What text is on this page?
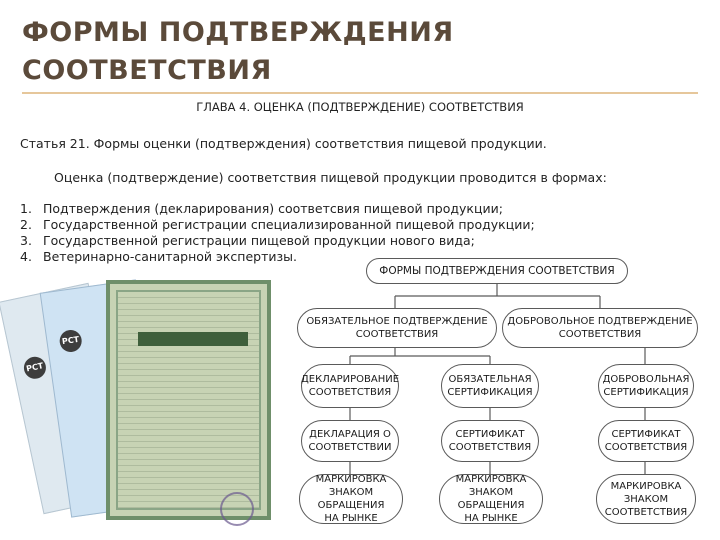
ФОРМЫ ПОДТВЕРЖДЕНИЯ СООТВЕТСТВИЯ
ГЛАВА 4. ОЦЕНКА (ПОДТВЕРЖДЕНИЕ) СООТВЕТСТВИЯ
Статья 21. Формы оценки (подтверждения) соответствия пищевой продукции.
Оценка (подтверждение) соответствия пищевой продукции проводится в формах:
1. Подтверждения (декларирования) соответсвия пищевой продукции;
2. Государственной регистрации специализированной пищевой продукции;
3. Государственной регистрации пищевой продукции нового вида;
4. Ветеринарно-санитарной экспертизы.
РСТ
РСТ
ФОРМЫ ПОДТВЕРЖДЕНИЯ СООТВЕТСТВИЯ
ОБЯЗАТЕЛЬНОЕ ПОДТВЕРЖДЕНИЕ
СООТВЕТСТВИЯ
ДОБРОВОЛЬНОЕ ПОДТВЕРЖДЕНИЕ
СООТВЕТСТВИЯ
ДЕКЛАРИРОВАНИЕ
СООТВЕТСТВИЯ
ОБЯЗАТЕЛЬНАЯ
СЕРТИФИКАЦИЯ
ДОБРОВОЛЬНАЯ
СЕРТИФИКАЦИЯ
ДЕКЛАРАЦИЯ О
СООТВЕТСТВИИ
СЕРТИФИКАТ
СООТВЕТСТВИЯ
СЕРТИФИКАТ
СООТВЕТСТВИЯ
МАРКИРОВКА
ЗНАКОМ ОБРАЩЕНИЯ
НА РЫНКЕ
МАРКИРОВКА
ЗНАКОМ ОБРАЩЕНИЯ
НА РЫНКЕ
МАРКИРОВКА
ЗНАКОМ
СООТВЕТСТВИЯ
